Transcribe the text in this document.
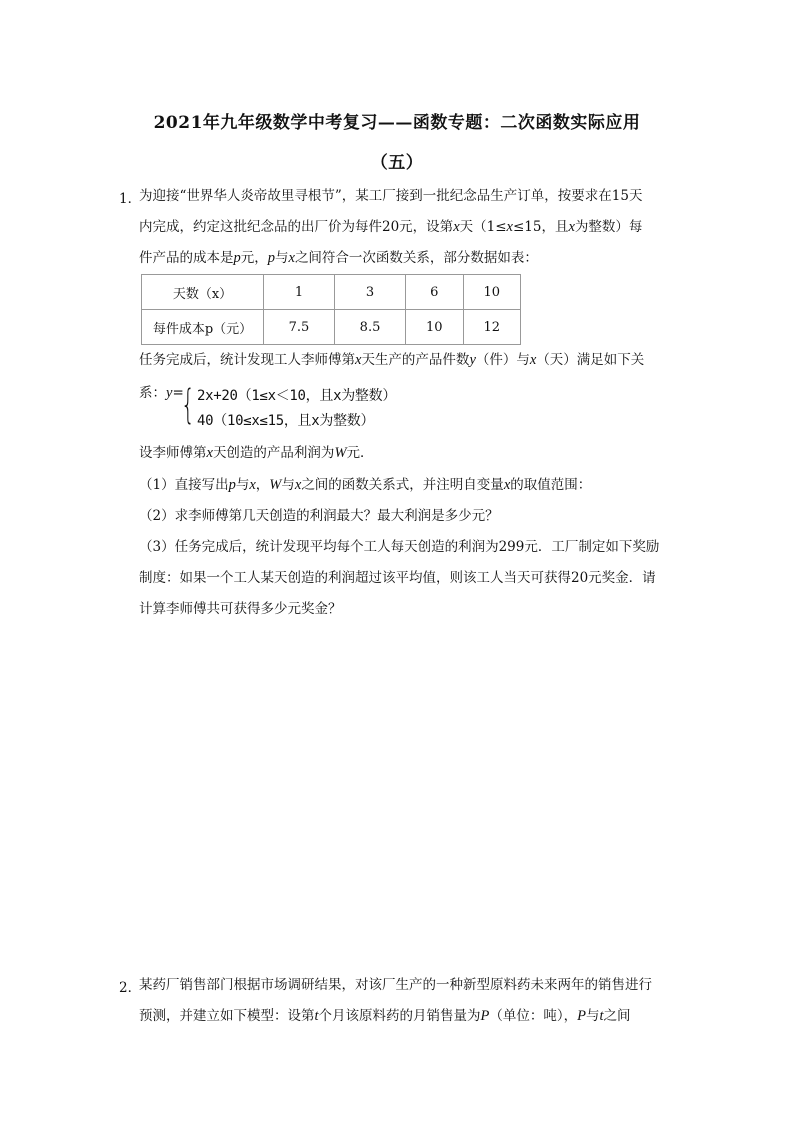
2021年九年级数学中考复习——函数专题：二次函数实际应用
（五）
1．
为迎接“世界华人炎帝故里寻根节”，某工厂接到一批纪念品生产订单，按要求在15天
内完成，约定这批纪念品的出厂价为每件20元，设第x天（1≤x≤15，且x为整数）每
件产品的成本是p元，p与x之间符合一次函数关系，部分数据如表：
天数（x）	1	3	6	10
每件成本p（元）	7.5	8.5	10	12
任务完成后，统计发现工人李师傅第x天生产的产品件数y（件）与x（天）满足如下关
系：y=
{ 2x+20（1≤x＜10，且x为整数）
40（10≤x≤15，且x为整数）
设李师傅第x天创造的产品利润为W元．
（1）直接写出p与x，W与x之间的函数关系式，并注明自变量x的取值范围：
（2）求李师傅第几天创造的利润最大？最大利润是多少元？
（3）任务完成后，统计发现平均每个工人每天创造的利润为299元．工厂制定如下奖励
制度：如果一个工人某天创造的利润超过该平均值，则该工人当天可获得20元奖金．请
计算李师傅共可获得多少元奖金？
2．
某药厂销售部门根据市场调研结果，对该厂生产的一种新型原料药未来两年的销售进行
预测，并建立如下模型：设第t个月该原料药的月销售量为P（单位：吨），P与t之间
